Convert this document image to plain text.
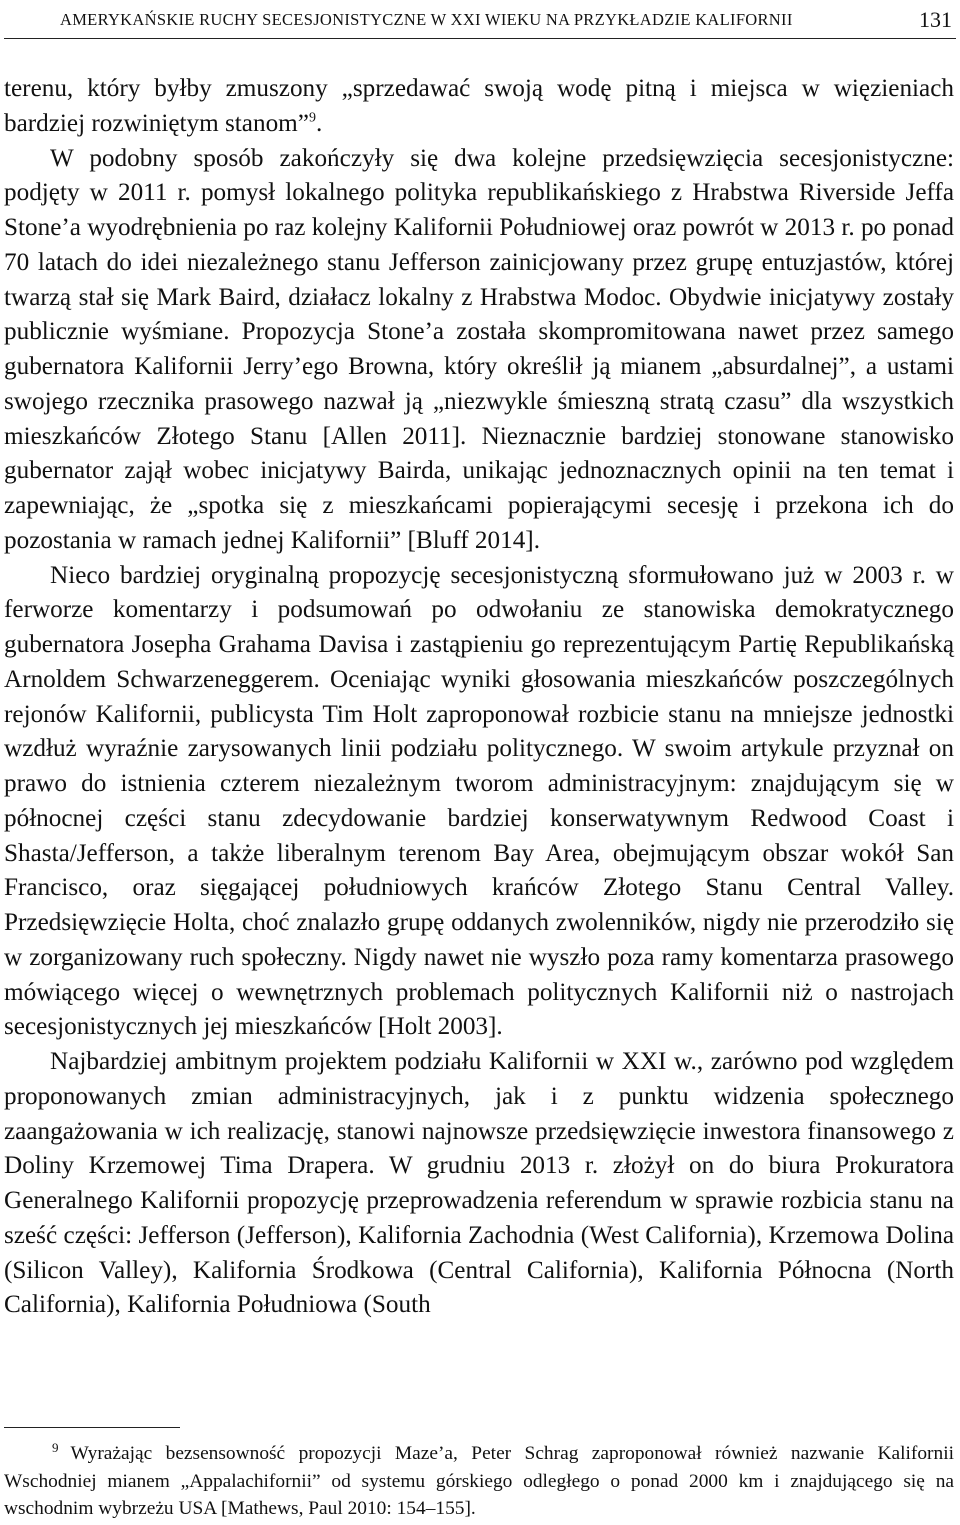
AMERYKAŃSKIE RUCHY SECESJONISTYCZNE W XXI WIEKU NA PRZYKŁADZIE KALIFORNII	131

terenu, który byłby zmuszony „sprzedawać swoją wodę pitną i miejsca w więzieniach bardziej rozwiniętym stanom”$^9$.

W podobny sposób zakończyły się dwa kolejne przedsięwzięcia secesjonistyczne: podjęty w 2011 r. pomysł lokalnego polityka republikańskiego z Hrabstwa Riverside Jeffa Stone’a wyodrębnienia po raz kolejny Kalifornii Południowej oraz powrót w 2013 r. po ponad 70 latach do idei niezależnego stanu Jefferson zainicjowany przez grupę entuzjastów, której twarzą stał się Mark Baird, działacz lokalny z Hrabstwa Modoc. Obydwie inicjatywy zostały publicznie wyśmiane. Propozycja Stone’a została skompromitowana nawet przez samego gubernatora Kalifornii Jerry’ego Browna, który określił ją mianem „absurdalnej”, a ustami swojego rzecznika prasowego nazwał ją „niezwykle śmieszną stratą czasu” dla wszystkich mieszkańców Złotego Stanu [Allen 2011]. Nieznacznie bardziej stonowane stanowisko gubernator zajął wobec inicjatywy Bairda, unikając jednoznacznych opinii na ten temat i zapewniając, że „spotka się z mieszkańcami popierającymi secesję i przekona ich do pozostania w ramach jednej Kalifornii” [Bluff 2014].

Nieco bardziej oryginalną propozycję secesjonistyczną sformułowano już w 2003 r. w ferworze komentarzy i podsumowań po odwołaniu ze stanowiska demokratycznego gubernatora Josepha Grahama Davisa i zastąpieniu go reprezentującym Partię Republikańską Arnoldem Schwarzeneggerem. Oceniając wyniki głosowania mieszkańców poszczególnych rejonów Kalifornii, publicysta Tim Holt zaproponował rozbicie stanu na mniejsze jednostki wzdłuż wyraźnie zarysowanych linii podziału politycznego. W swoim artykule przyznał on prawo do istnienia czterem niezależnym tworom administracyjnym: znajdującym się w północnej części stanu zdecydowanie bardziej konserwatywnym Redwood Coast i Shasta/Jefferson, a także liberalnym terenom Bay Area, obejmującym obszar wokół San Francisco, oraz sięgającej południowych krańców Złotego Stanu Central Valley. Przedsięwzięcie Holta, choć znalazło grupę oddanych zwolenników, nigdy nie przerodziło się w zorganizowany ruch społeczny. Nigdy nawet nie wyszło poza ramy komentarza prasowego mówiącego więcej o wewnętrznych problemach politycznych Kalifornii niż o nastrojach secesjonistycznych jej mieszkańców [Holt 2003].

Najbardziej ambitnym projektem podziału Kalifornii w XXI w., zarówno pod względem proponowanych zmian administracyjnych, jak i z punktu widzenia społecznego zaangażowania w ich realizację, stanowi najnowsze przedsięwzięcie inwestora finansowego z Doliny Krzemowej Tima Drapera. W grudniu 2013 r. złożył on do biura Prokuratora Generalnego Kalifornii propozycję przeprowadzenia referendum w sprawie rozbicia stanu na sześć części: Jefferson (Jefferson), Kalifornia Zachodnia (West California), Krzemowa Dolina (Silicon Valley), Kalifornia Środkowa (Central California), Kalifornia Północna (North California), Kalifornia Południowa (South

$^9$ Wyrażając bezsensowność propozycji Maze’a, Peter Schrag zaproponował również nazwanie Kalifornii Wschodniej mianem „Appalachifornii” od systemu górskiego odległego o ponad 2000 km i znajdującego się na wschodnim wybrzeżu USA [Mathews, Paul 2010: 154–155].
